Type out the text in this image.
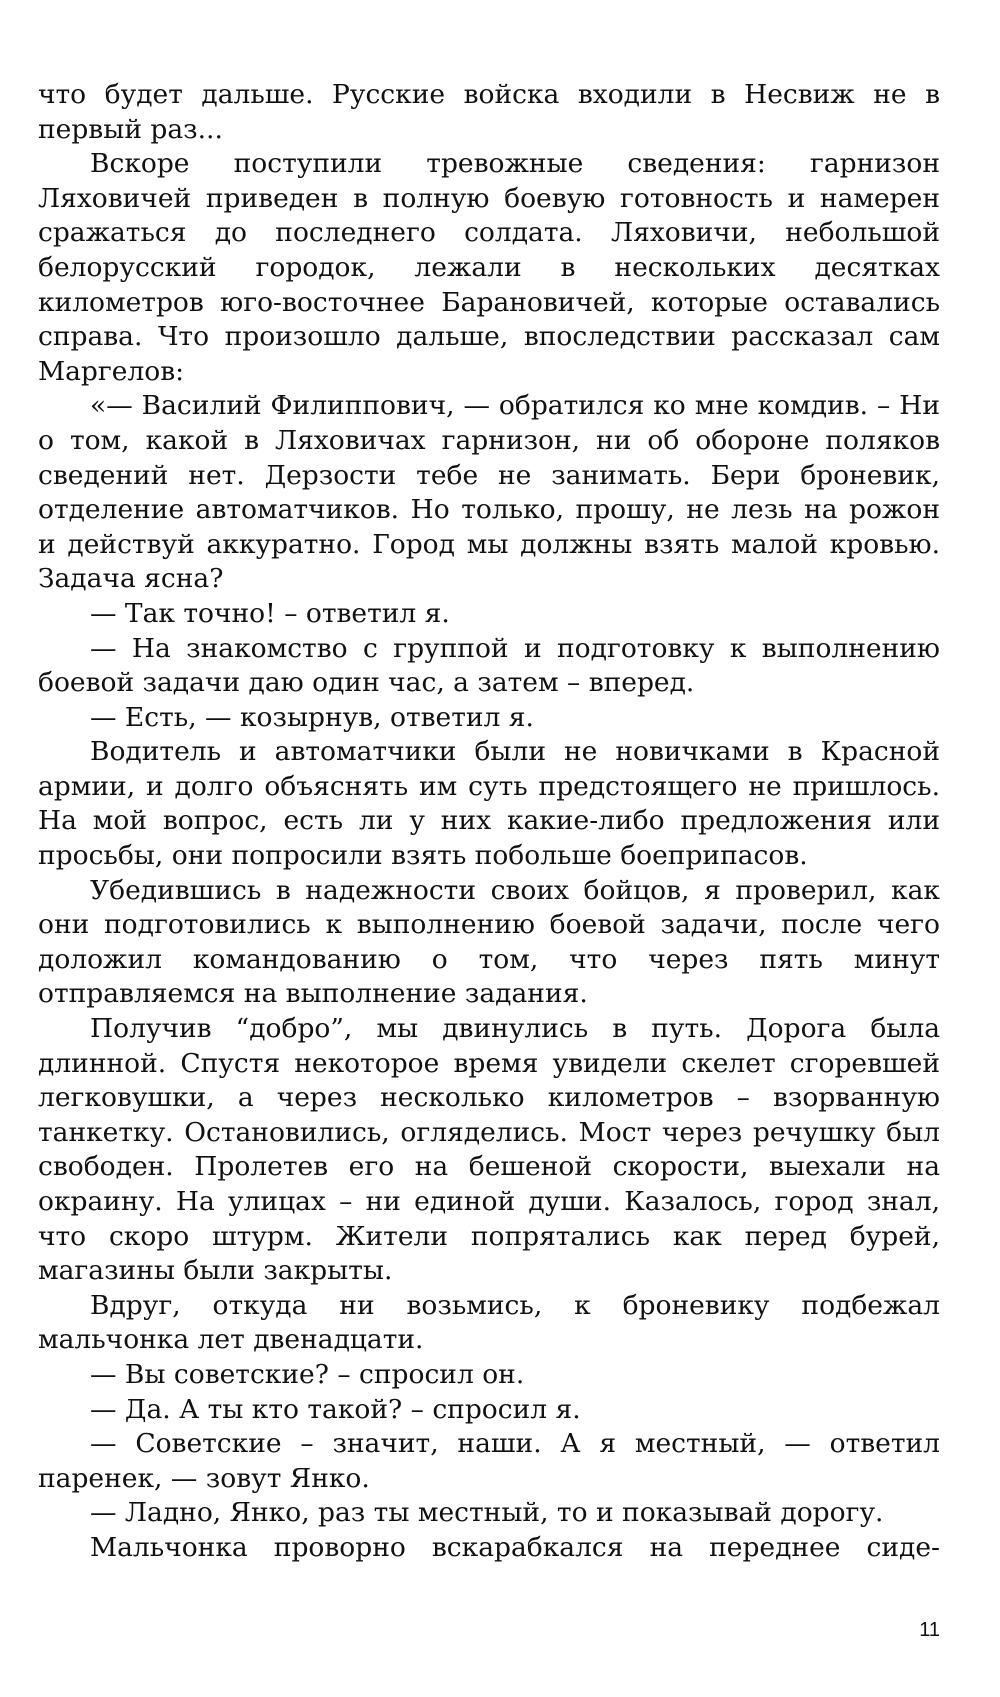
что будет дальше. Русские войска входили в Несвиж не в первый раз...

Вскоре поступили тревожные сведения: гарнизон Ляховичей приведен в полную боевую готовность и намерен сражаться до последнего солдата. Ляховичи, небольшой белорусский городок, лежали в нескольких десятках километров юго-восточнее Барановичей, которые оставались справа. Что произошло дальше, впоследствии рассказал сам Маргелов:

«— Василий Филиппович, — обратился ко мне комдив. – Ни о том, какой в Ляховичах гарнизон, ни об обороне поляков сведений нет. Дерзости тебе не занимать. Бери броневик, отделение автоматчиков. Но только, прошу, не лезь на рожон и действуй аккуратно. Город мы должны взять малой кровью. Задача ясна?

— Так точно! – ответил я.

— На знакомство с группой и подготовку к выполнению боевой задачи даю один час, а затем – вперед.

— Есть, — козырнув, ответил я.

Водитель и автоматчики были не новичками в Красной армии, и долго объяснять им суть предстоящего не пришлось. На мой вопрос, есть ли у них какие-либо предложения или просьбы, они попросили взять побольше боеприпасов.

Убедившись в надежности своих бойцов, я проверил, как они подготовились к выполнению боевой задачи, после чего доложил командованию о том, что через пять минут отправляемся на выполнение задания.

Получив “добро”, мы двинулись в путь. Дорога была длинной. Спустя некоторое время увидели скелет сгоревшей легковушки, а через несколько километров – взорванную танкетку. Остановились, огляделись. Мост через речушку был свободен. Пролетев его на бешеной скорости, выехали на окраину. На улицах – ни единой души. Казалось, город знал, что скоро штурм. Жители попрятались как перед бурей, магазины были закрыты.

Вдруг, откуда ни возьмись, к броневику подбежал мальчонка лет двенадцати.

— Вы советские? – спросил он.

— Да. А ты кто такой? – спросил я.

— Советские – значит, наши. А я местный, — ответил паренек, — зовут Янко.

— Ладно, Янко, раз ты местный, то и показывай дорогу.

Мальчонка проворно вскарабкался на переднее сиде-

11
